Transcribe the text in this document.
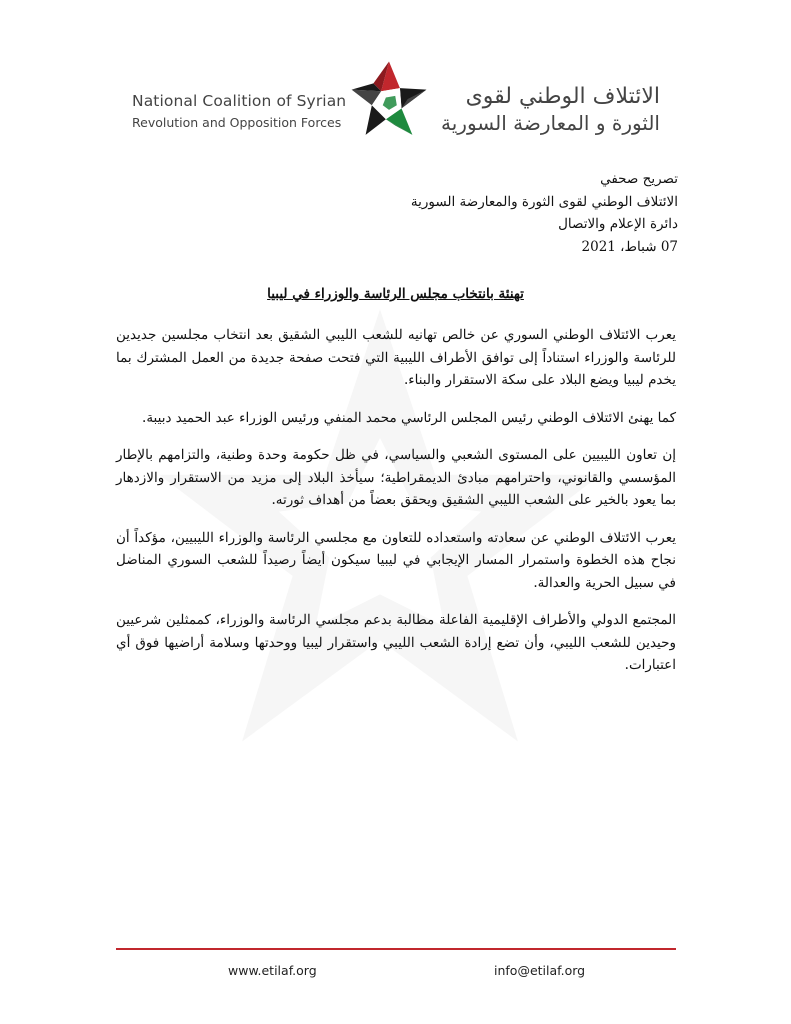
National Coalition of Syrian
Revolution and Opposition Forces
الائتلاف الوطني لقوى
الثورة و المعارضة السورية
تصريح صحفي
الائتلاف الوطني لقوى الثورة والمعارضة السورية
دائرة الإعلام والاتصال
07 شباط، 2021
تهنئة بانتخاب مجلس الرئاسة والوزراء في ليبيا

يعرب الائتلاف الوطني السوري عن خالص تهانيه للشعب الليبي الشقيق بعد انتخاب مجلسين جديدين للرئاسة والوزراء استناداً إلى توافق الأطراف الليبية التي فتحت صفحة جديدة من العمل المشترك بما يخدم ليبيا ويضع البلاد على سكة الاستقرار والبناء.

كما يهنئ الائتلاف الوطني رئيس المجلس الرئاسي محمد المنفي ورئيس الوزراء عبد الحميد دبيبة.

إن تعاون الليبيين على المستوى الشعبي والسياسي، في ظل حكومة وحدة وطنية، والتزامهم بالإطار المؤسسي والقانوني، واحترامهم مبادئ الديمقراطية؛ سيأخذ البلاد إلى مزيد من الاستقرار والازدهار بما يعود بالخير على الشعب الليبي الشقيق ويحقق بعضاً من أهداف ثورته.

يعرب الائتلاف الوطني عن سعادته واستعداده للتعاون مع مجلسي الرئاسة والوزراء الليبيين، مؤكداً أن نجاح هذه الخطوة واستمرار المسار الإيجابي في ليبيا سيكون أيضاً رصيداً للشعب السوري المناضل في سبيل الحرية والعدالة.

المجتمع الدولي والأطراف الإقليمية الفاعلة مطالبة بدعم مجلسي الرئاسة والوزراء، كممثلين شرعيين وحيدين للشعب الليبي، وأن تضع إرادة الشعب الليبي واستقرار ليبيا ووحدتها وسلامة أراضيها فوق أي اعتبارات.

www.etilaf.org	info@etilaf.org
